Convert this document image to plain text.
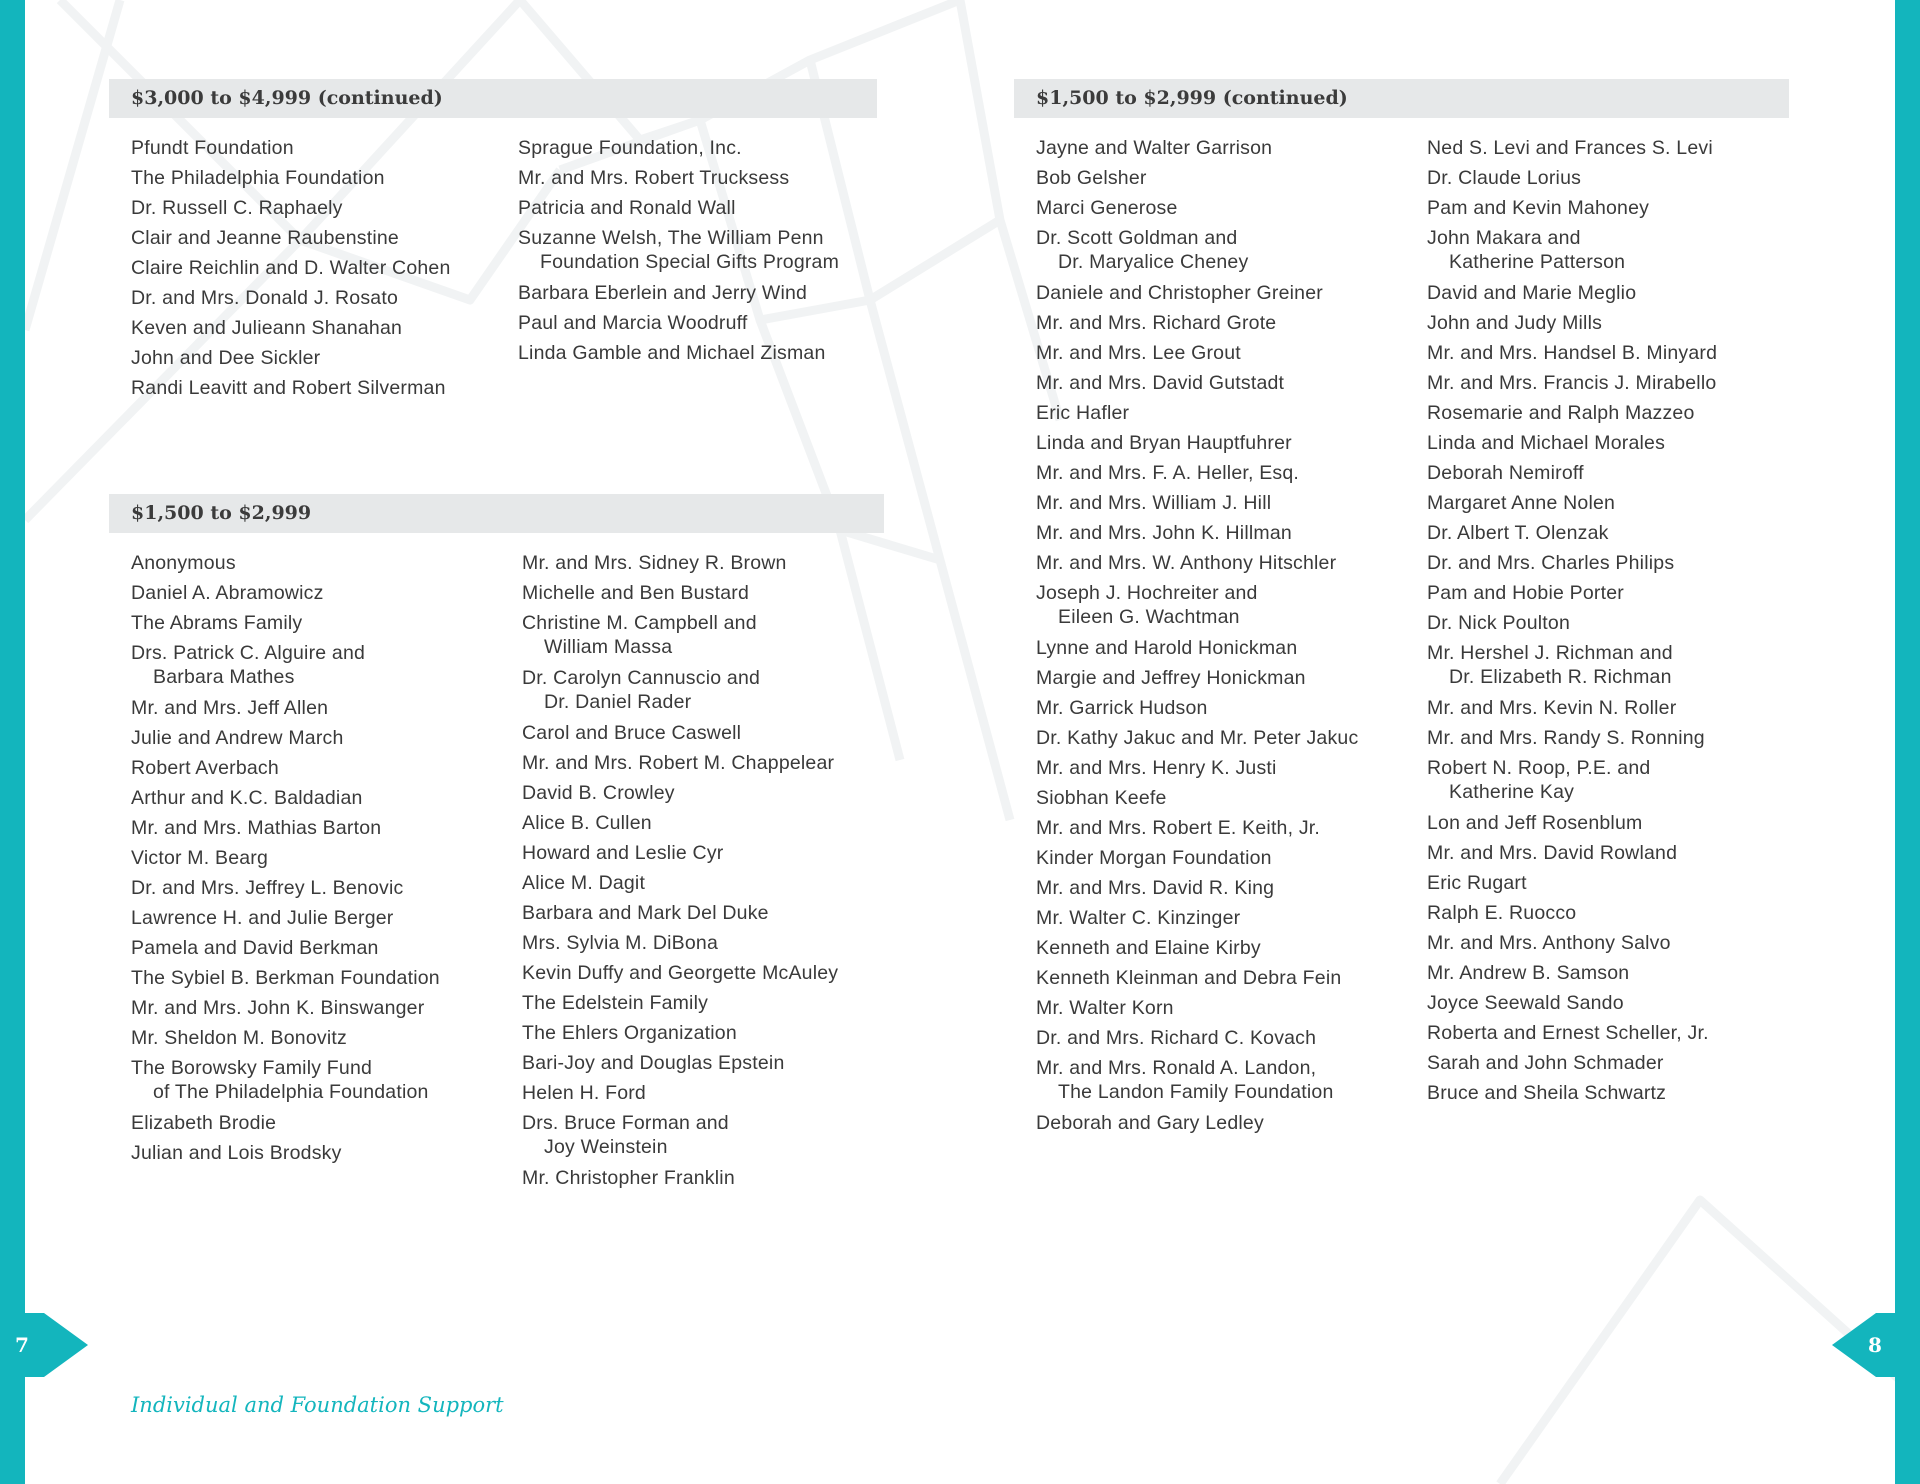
7	8
$3,000 to $4,999 (continued)
Pfundt Foundation
The Philadelphia Foundation
Dr. Russell C. Raphaely
Clair and Jeanne Raubenstine
Claire Reichlin and D. Walter Cohen
Dr. and Mrs. Donald J. Rosato
Keven and Julieann Shanahan
John and Dee Sickler
Randi Leavitt and Robert Silverman
Sprague Foundation, Inc.
Mr. and Mrs. Robert Trucksess
Patricia and Ronald Wall
Suzanne Welsh, The William Penn
Foundation Special Gifts Program
Barbara Eberlein and Jerry Wind
Paul and Marcia Woodruff
Linda Gamble and Michael Zisman
$1,500 to $2,999
Anonymous
Daniel A. Abramowicz
The Abrams Family
Drs. Patrick C. Alguire and
Barbara Mathes
Mr. and Mrs. Jeff Allen
Julie and Andrew March
Robert Averbach
Arthur and K.C. Baldadian
Mr. and Mrs. Mathias Barton
Victor M. Bearg
Dr. and Mrs. Jeffrey L. Benovic
Lawrence H. and Julie Berger
Pamela and David Berkman
The Sybiel B. Berkman Foundation
Mr. and Mrs. John K. Binswanger
Mr. Sheldon M. Bonovitz
The Borowsky Family Fund
of The Philadelphia Foundation
Elizabeth Brodie
Julian and Lois Brodsky
Mr. and Mrs. Sidney R. Brown
Michelle and Ben Bustard
Christine M. Campbell and
William Massa
Dr. Carolyn Cannuscio and
Dr. Daniel Rader
Carol and Bruce Caswell
Mr. and Mrs. Robert M. Chappelear
David B. Crowley
Alice B. Cullen
Howard and Leslie Cyr
Alice M. Dagit
Barbara and Mark Del Duke
Mrs. Sylvia M. DiBona
Kevin Duffy and Georgette McAuley
The Edelstein Family
The Ehlers Organization
Bari-Joy and Douglas Epstein
Helen H. Ford
Drs. Bruce Forman and
Joy Weinstein
Mr. Christopher Franklin
$1,500 to $2,999 (continued)
Jayne and Walter Garrison
Bob Gelsher
Marci Generose
Dr. Scott Goldman and
Dr. Maryalice Cheney
Daniele and Christopher Greiner
Mr. and Mrs. Richard Grote
Mr. and Mrs. Lee Grout
Mr. and Mrs. David Gutstadt
Eric Hafler
Linda and Bryan Hauptfuhrer
Mr. and Mrs. F. A. Heller, Esq.
Mr. and Mrs. William J. Hill
Mr. and Mrs. John K. Hillman
Mr. and Mrs. W. Anthony Hitschler
Joseph J. Hochreiter and
Eileen G. Wachtman
Lynne and Harold Honickman
Margie and Jeffrey Honickman
Mr. Garrick Hudson
Dr. Kathy Jakuc and Mr. Peter Jakuc
Mr. and Mrs. Henry K. Justi
Siobhan Keefe
Mr. and Mrs. Robert E. Keith, Jr.
Kinder Morgan Foundation
Mr. and Mrs. David R. King
Mr. Walter C. Kinzinger
Kenneth and Elaine Kirby
Kenneth Kleinman and Debra Fein
Mr. Walter Korn
Dr. and Mrs. Richard C. Kovach
Mr. and Mrs. Ronald A. Landon,
The Landon Family Foundation
Deborah and Gary Ledley
Ned S. Levi and Frances S. Levi
Dr. Claude Lorius
Pam and Kevin Mahoney
John Makara and
Katherine Patterson
David and Marie Meglio
John and Judy Mills
Mr. and Mrs. Handsel B. Minyard
Mr. and Mrs. Francis J. Mirabello
Rosemarie and Ralph Mazzeo
Linda and Michael Morales
Deborah Nemiroff
Margaret Anne Nolen
Dr. Albert T. Olenzak
Dr. and Mrs. Charles Philips
Pam and Hobie Porter
Dr. Nick Poulton
Mr. Hershel J. Richman and
Dr. Elizabeth R. Richman
Mr. and Mrs. Kevin N. Roller
Mr. and Mrs. Randy S. Ronning
Robert N. Roop, P.E. and
Katherine Kay
Lon and Jeff Rosenblum
Mr. and Mrs. David Rowland
Eric Rugart
Ralph E. Ruocco
Mr. and Mrs. Anthony Salvo
Mr. Andrew B. Samson
Joyce Seewald Sando
Roberta and Ernest Scheller, Jr.
Sarah and John Schmader
Bruce and Sheila Schwartz
Individual and Foundation Support
